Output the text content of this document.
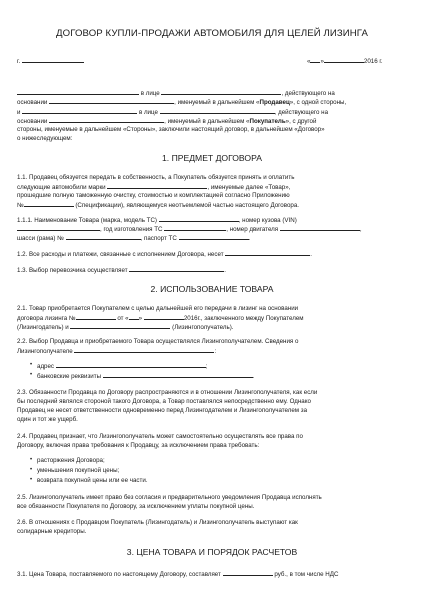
ДОГОВОР КУПЛИ-ПРОДАЖИ АВТОМОБИЛЯ ДЛЯ ЦЕЛЕЙ ЛИЗИНГА
г.	« »	2016 г.
в лице	, действующего на
основании	, именуемый в дальнейшем «Продавец», с одной стороны,
и	в лице	, действующего на
основании	, именуемый в дальнейшем «Покупатель», с другой
стороны, именуемые в дальнейшем «Стороны», заключили настоящий договор, в дальнейшем «Договор»
о нижеследующем:
1. ПРЕДМЕТ ДОГОВОРА
1.1. Продавец обязуется передать в собственность, а Покупатель обязуется принять и оплатить
следующие автомобили марки	, именуемые далее «Товар»,
прошедшие полную таможенную очистку, стоимостью и комплектацией согласно Приложению
№	(Спецификации), являющемуся неотъемлемой частью настоящего Договора.
1.1.1. Наименование Товара (марка, модель ТС)	, номер кузова (VIN)
, год изготовления ТС	, номер двигателя	,
шасси (рама) №	, паспорт ТС	.
1.2. Все расходы и платежи, связанные с исполнением Договора, несет	.
1.3. Выбор перевозчика осуществляет	.
2. ИСПОЛЬЗОВАНИЕ ТОВАРА
2.1. Товар приобретается Покупателем с целью дальнейшей его передачи в лизинг на основании
договора лизинга №	от « »	2016г., заключенного между Покупателем
(Лизингодатель) и	(Лизингополучатель).
2.2. Выбор Продавца и приобретаемого Товара осуществлялся Лизингополучателем. Сведения о
Лизингополучателе	:
• адрес	;
• банковские реквизиты	.
2.3. Обязанности Продавца по Договору распространяются и в отношении Лизингополучателя, как если
бы последний являлся стороной такого Договора, а Товар поставлялся непосредственно ему. Однако
Продавец не несет ответственности одновременно перед Лизингодателем и Лизингополучателем за
один и тот же ущерб.
2.4. Продавец признает, что Лизингополучатель может самостоятельно осуществлять все права по
Договору, включая права требования к Продавцу, за исключением права требовать:
• расторжения Договора;
• уменьшения покупной цены;
• возврата покупной цены или ее части.
2.5. Лизингополучатель имеет право без согласия и предварительного уведомления Продавца исполнять
все обязанности Покупателя по Договору, за исключением уплаты покупной цены.
2.6. В отношениях с Продавцом Покупатель (Лизингодатель) и Лизингополучатель выступают как
солидарные кредиторы.
3. ЦЕНА ТОВАРА И ПОРЯДОК РАСЧЕТОВ
3.1. Цена Товара, поставляемого по настоящему Договору, составляет	руб., в том числе НДС
